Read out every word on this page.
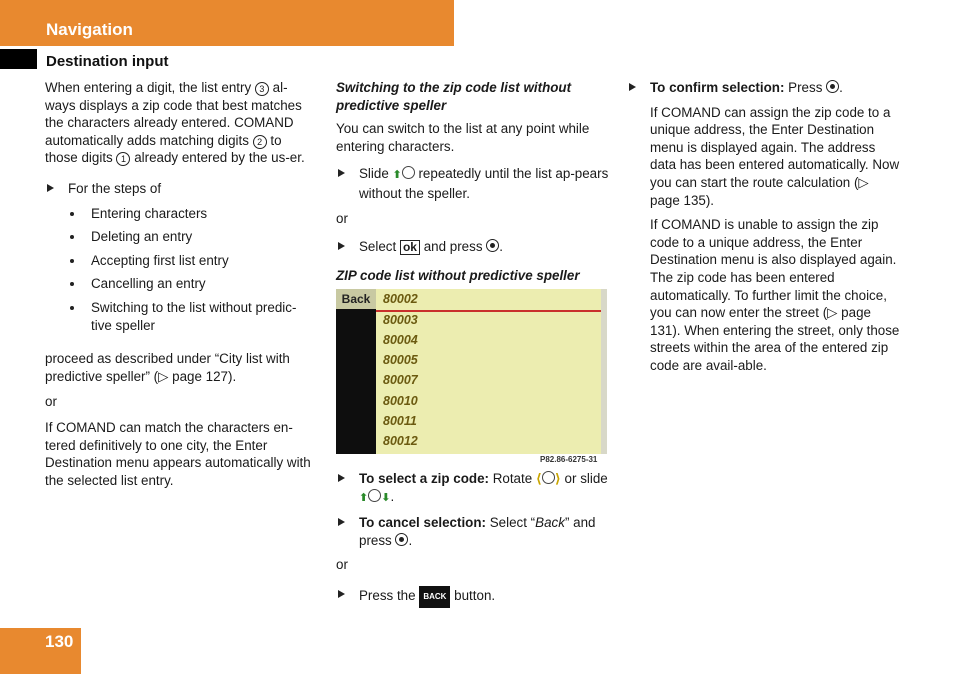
Navigation
Destination input

When entering a digit, the list entry 3 al-ways displays a zip code that best matches the characters already entered. COMAND automatically adds matching digits 2 to those digits 1 already entered by the us-er.

For the steps of
Entering characters
Deleting an entry
Accepting first list entry
Cancelling an entry
Switching to the list without predic-tive speller

proceed as described under “City list with predictive speller” (▷ page 127).

or

If COMAND can match the characters en-tered definitively to one city, the Enter Destination menu appears automatically with the selected list entry.

Switching to the zip code list without predictive speller

You can switch to the list at any point while entering characters.

Slide ⬆ repeatedly until the list ap-pears without the speller.

or

Select ok and press .
ZIP code list without predictive speller
Back	80002
80003
80004
80005
80007
80010
80011
80012
P82.86-6275-31
To select a zip code: Rotate ⟨ ⟩ or slide ⬆ ⬇.
To cancel selection: Select “Back” and press .

or

Press the BACK button.
To confirm selection: Press .

If COMAND can assign the zip code to a unique address, the Enter Destination menu is displayed again. The address data has been entered automatically. Now you can start the route calculation (▷ page 135).

If COMAND is unable to assign the zip code to a unique address, the Enter Destination menu is also displayed again. The zip code has been entered automatically. To further limit the choice, you can now enter the street (▷ page 131). When entering the street, only those streets within the area of the entered zip code are avail-able.

130
